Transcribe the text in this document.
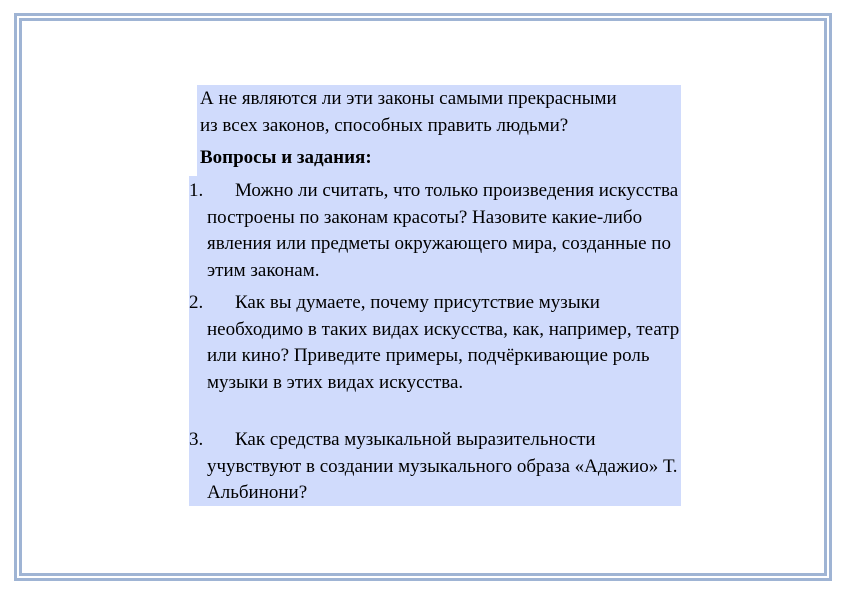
А не являются ли эти законы самыми прекрасными
из всех законов, способных править людьми?
Вопросы и задания:
1.	Можно ли считать, что только произведения искусства построены по законам красоты? Назовите какие-либо явления или предметы окружающего мира, созданные по этим законам.
2.	Как вы думаете, почему присутствие музыки необходимо в таких видах искусства, как, например, театр или кино? Приведите примеры, подчёркивающие роль музыки в этих видах искусства.
3.	Как средства музыкальной выразительности учувствуют в создании музыкального образа «Адажио» Т. Альбинони?
